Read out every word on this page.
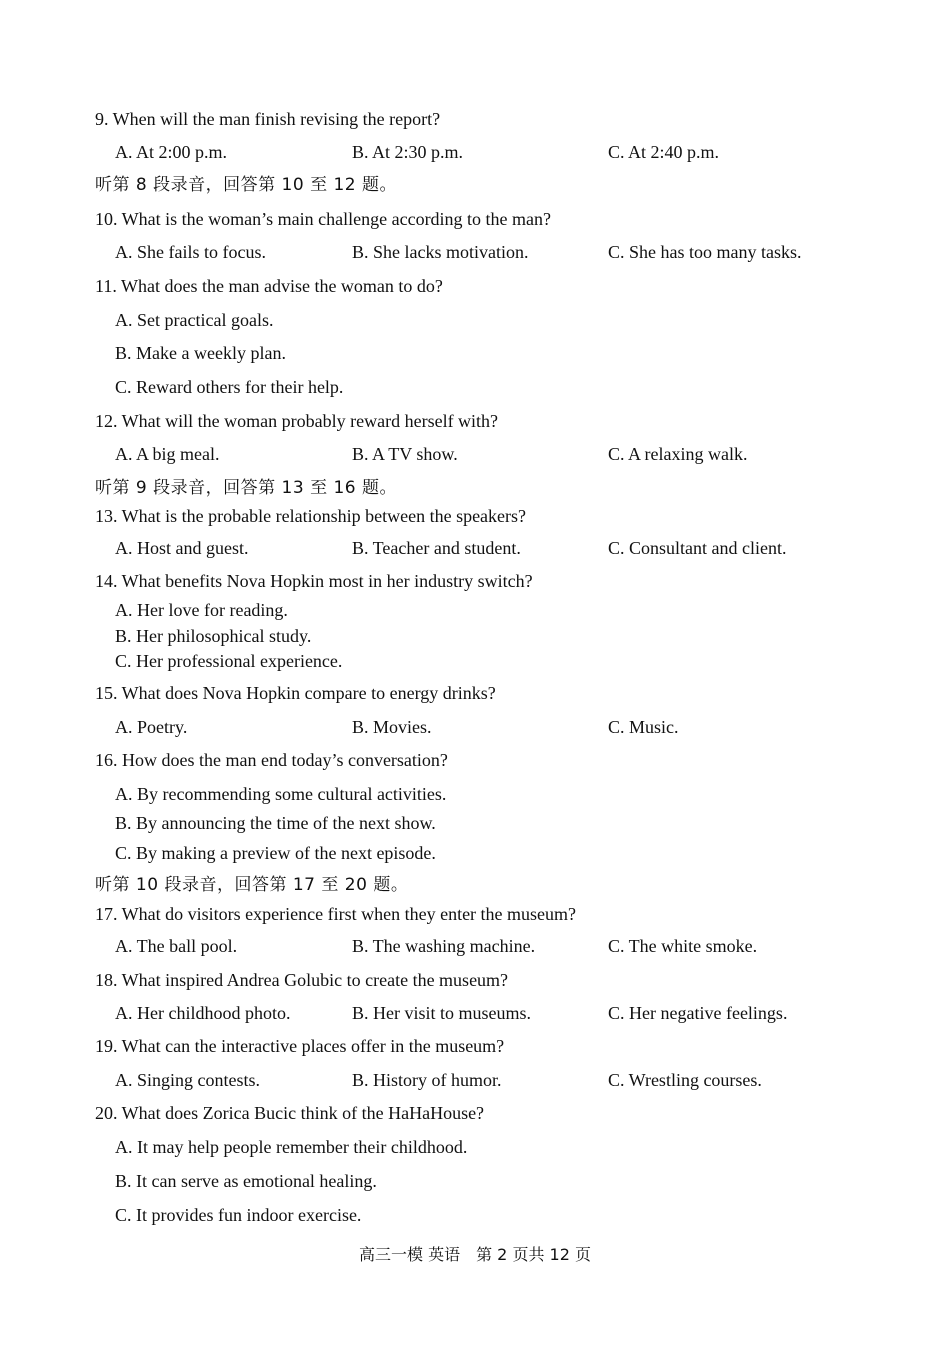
9. When will the man finish revising the report?
A. At 2:00 p.m.	B. At 2:30 p.m.	C. At 2:40 p.m.
听第 8 段录音，回答第 10 至 12 题。
10. What is the woman’s main challenge according to the man?
A. She fails to focus.	B. She lacks motivation.	C. She has too many tasks.
11. What does the man advise the woman to do?
A. Set practical goals.
B. Make a weekly plan.
C. Reward others for their help.
12. What will the woman probably reward herself with?
A. A big meal.	B. A TV show.	C. A relaxing walk.
听第 9 段录音，回答第 13 至 16 题。
13. What is the probable relationship between the speakers?
A. Host and guest.	B. Teacher and student.	C. Consultant and client.
14. What benefits Nova Hopkin most in her industry switch?
A. Her love for reading.
B. Her philosophical study.
C. Her professional experience.
15. What does Nova Hopkin compare to energy drinks?
A. Poetry.	B. Movies.	C. Music.
16. How does the man end today’s conversation?
A. By recommending some cultural activities.
B. By announcing the time of the next show.
C. By making a preview of the next episode.
听第 10 段录音，回答第 17 至 20 题。
17. What do visitors experience first when they enter the museum?
A. The ball pool.	B. The washing machine.	C. The white smoke.
18. What inspired Andrea Golubic to create the museum?
A. Her childhood photo.	B. Her visit to museums.	C. Her negative feelings.
19. What can the interactive places offer in the museum?
A. Singing contests.	B. History of humor.	C. Wrestling courses.
20. What does Zorica Bucic think of the HaHaHouse?
A. It may help people remember their childhood.
B. It can serve as emotional healing.
C. It provides fun indoor exercise.
高三一模 英语　第 2 页共 12 页
